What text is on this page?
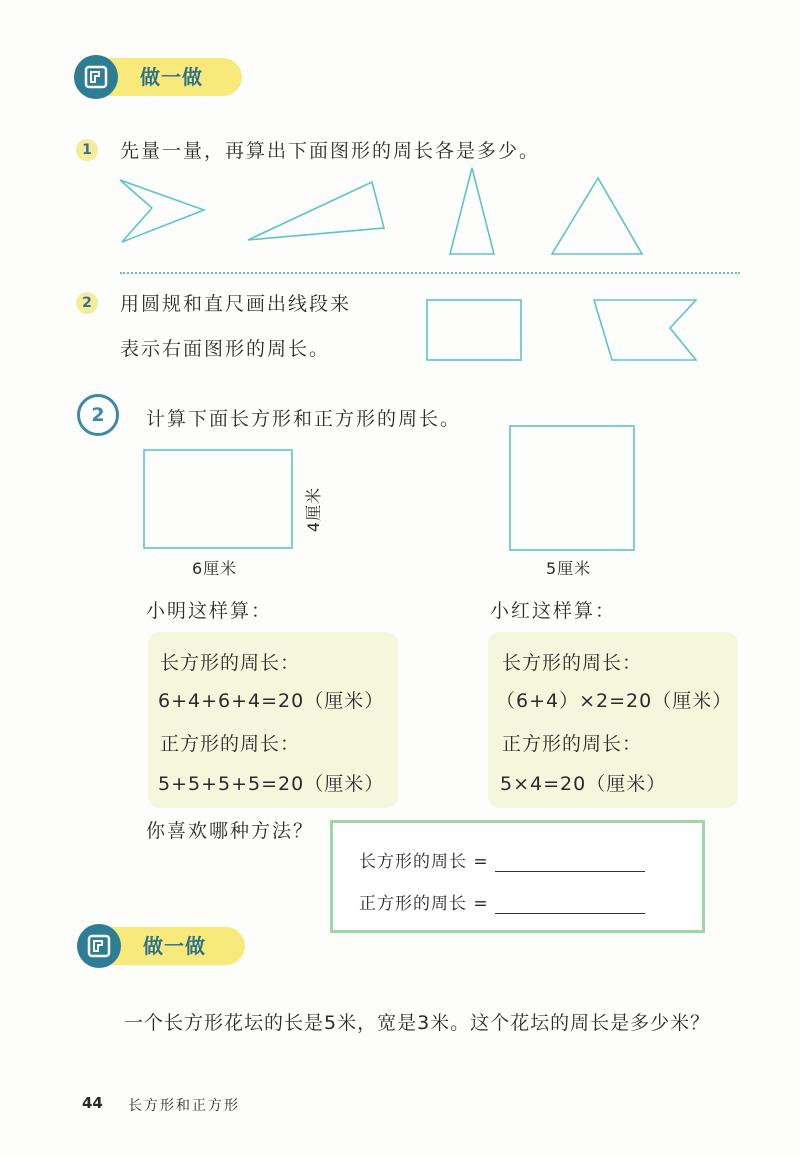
做一做
1	先量一量，再算出下面图形的周长各是多少。
2	用圆规和直尺画出线段来
表示右面图形的周长。
2	计算下面长方形和正方形的周长。
6厘米
4厘米
5厘米
小明这样算：
长方形的周长：
6+4+6+4=20（厘米）
正方形的周长：
5+5+5+5=20（厘米）
小红这样算：
长方形的周长：
（6+4）×2=20（厘米）
正方形的周长：
5×4=20（厘米）
你喜欢哪种方法？
长方形的周长 =
正方形的周长 =
做一做
一个长方形花坛的长是5米，宽是3米。这个花坛的周长是多少米？
44 长方形和正方形
